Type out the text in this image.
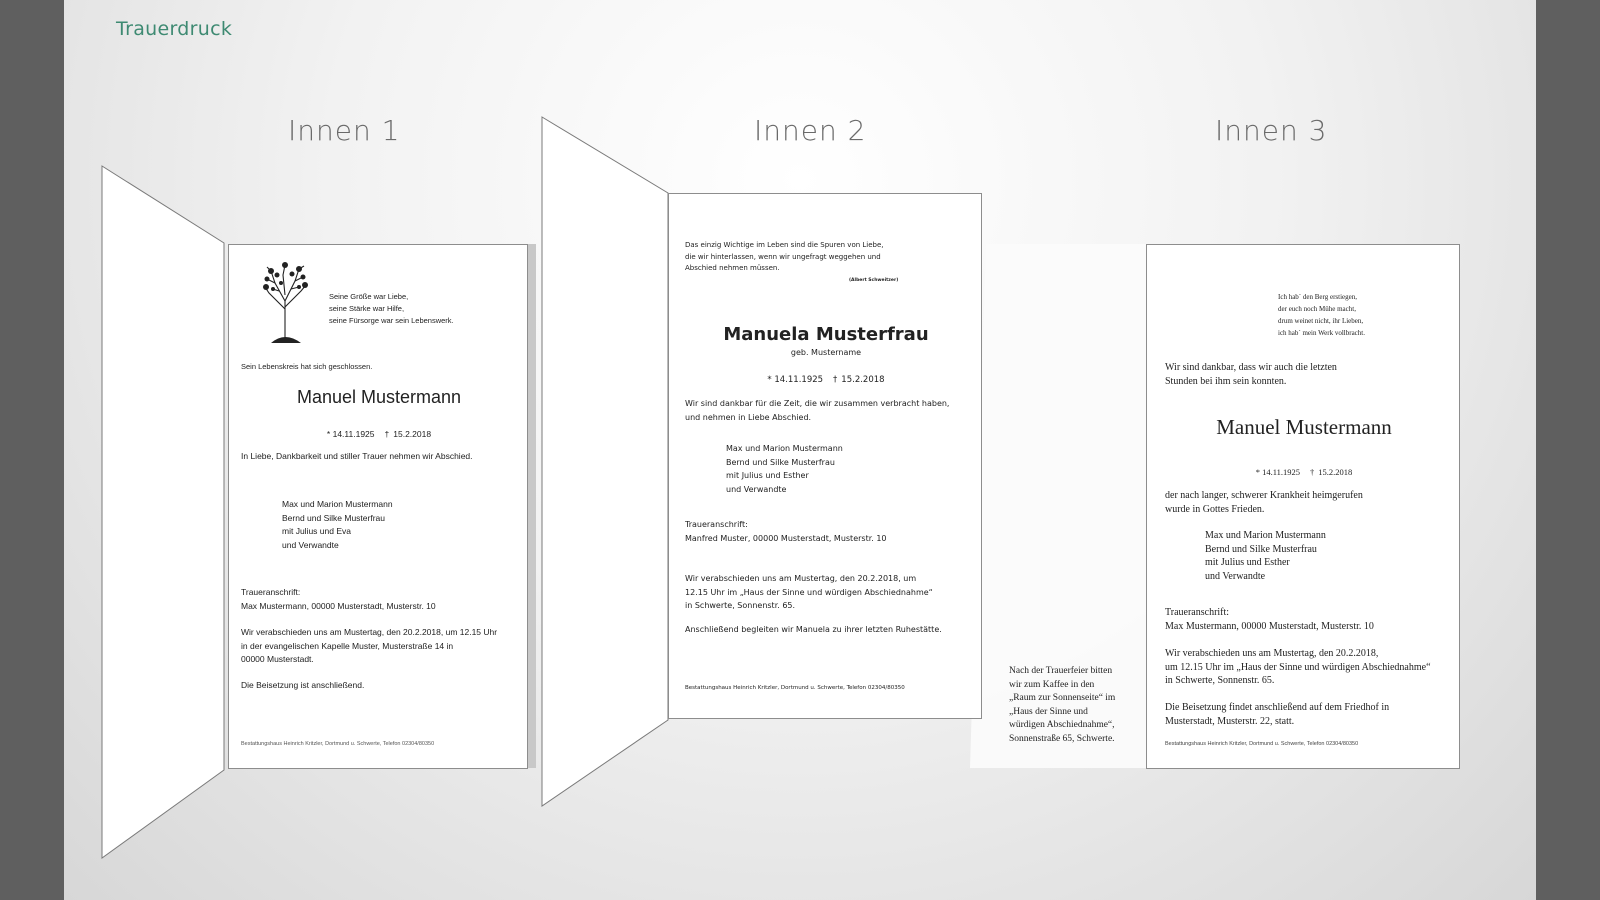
Trauerdruck
Innen 1	Innen 2	Innen 3
Seine Größe war Liebe,
seine Stärke war Hilfe,
seine Fürsorge war sein Lebenswerk.
Sein Lebenskreis hat sich geschlossen.
Manuel Mustermann

* 14.11.1925 † 15.2.2018

In Liebe, Dankbarkeit und stiller Trauer nehmen wir Abschied.
Max und Marion Mustermann
Bernd und Silke Musterfrau
mit Julius und Eva
und Verwandte
Traueranschrift:
Max Mustermann, 00000 Musterstadt, Musterstr. 10
Wir verabschieden uns am Mustertag, den 20.2.2018, um 12.15 Uhr
in der evangelischen Kapelle Muster, Musterstraße 14 in
00000 Musterstadt.
Die Beisetzung ist anschließend.
Bestattungshaus Heinrich Kritzler, Dortmund u. Schwerte, Telefon 02304/80350
Das einzig Wichtige im Leben sind die Spuren von Liebe,
die wir hinterlassen, wenn wir ungefragt weggehen und
Abschied nehmen müssen.
(Albert Schweitzer)
Manuela Musterfrau
geb. Mustername

* 14.11.1925 † 15.2.2018

Wir sind dankbar für die Zeit, die wir zusammen verbracht haben,
und nehmen in Liebe Abschied.
Max und Marion Mustermann
Bernd und Silke Musterfrau
mit Julius und Esther
und Verwandte
Traueranschrift:
Manfred Muster, 00000 Musterstadt, Musterstr. 10
Wir verabschieden uns am Mustertag, den 20.2.2018, um
12.15 Uhr im „Haus der Sinne und würdigen Abschiednahme“
in Schwerte, Sonnenstr. 65.
Anschließend begleiten wir Manuela zu ihrer letzten Ruhestätte.
Bestattungshaus Heinrich Kritzler, Dortmund u. Schwerte, Telefon 02304/80350
Nach der Trauerfeier bitten
wir zum Kaffee in den
„Raum zur Sonnenseite“ im
„Haus der Sinne und
würdigen Abschiednahme“,
Sonnenstraße 65, Schwerte.
Ich hab´ den Berg erstiegen,
der euch noch Mühe macht,
drum weinet nicht, ihr Lieben,
ich hab´ mein Werk vollbracht.
Wir sind dankbar, dass wir auch die letzten
Stunden bei ihm sein konnten.
Manuel Mustermann

* 14.11.1925 † 15.2.2018

der nach langer, schwerer Krankheit heimgerufen
wurde in Gottes Frieden.
Max und Marion Mustermann
Bernd und Silke Musterfrau
mit Julius und Esther
und Verwandte
Traueranschrift:
Max Mustermann, 00000 Musterstadt, Musterstr. 10
Wir verabschieden uns am Mustertag, den 20.2.2018,
um 12.15 Uhr im „Haus der Sinne und würdigen Abschiednahme“
in Schwerte, Sonnenstr. 65.
Die Beisetzung findet anschließend auf dem Friedhof in
Musterstadt, Musterstr. 22, statt.
Bestattungshaus Heinrich Kritzler, Dortmund u. Schwerte, Telefon 02304/80350
